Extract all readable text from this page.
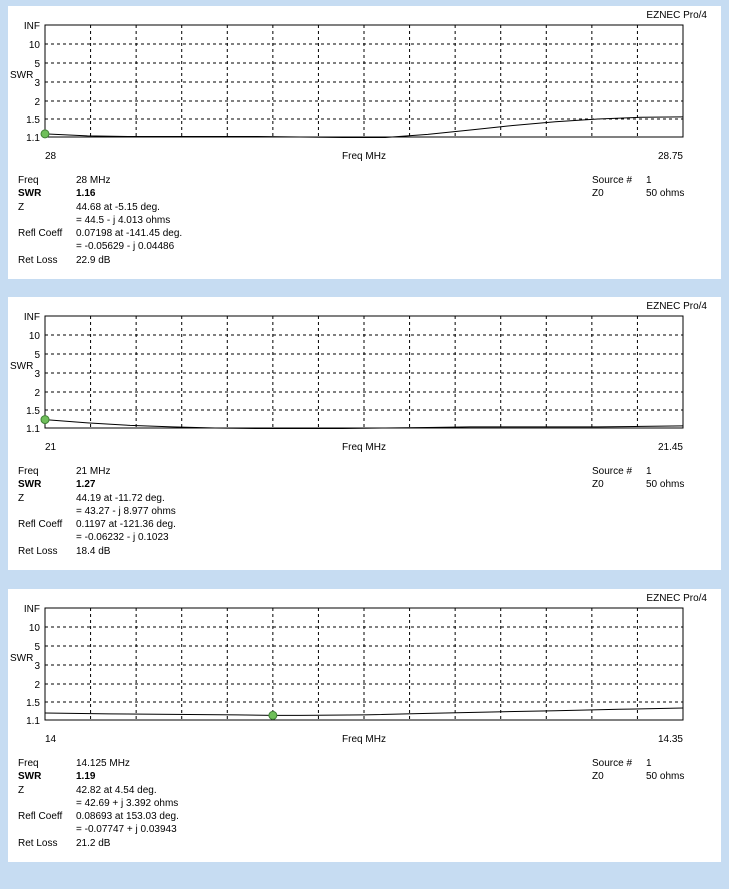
INF
10
5
3
2
1.5
1.1
SWR
28	28.75
Freq MHz
EZNEC Pro/4
Freq	28 MHz
SWR	1.16
Z	44.68 at -5.15 deg.
= 44.5 - j 4.013 ohms
Refl Coeff	0.07198 at -141.45 deg.
= -0.05629 - j 0.04486
Ret Loss	22.9 dB
Source #	1
Z0	50 ohms
INF
10
5
3
2
1.5
1.1
SWR
21	21.45
Freq MHz
EZNEC Pro/4
Freq	21 MHz
SWR	1.27
Z	44.19 at -11.72 deg.
= 43.27 - j 8.977 ohms
Refl Coeff	0.1197 at -121.36 deg.
= -0.06232 - j 0.1023
Ret Loss	18.4 dB
Source #	1
Z0	50 ohms
INF
10
5
3
2
1.5
1.1
SWR
14	14.35
Freq MHz
EZNEC Pro/4
Freq	14.125 MHz
SWR	1.19
Z	42.82 at 4.54 deg.
= 42.69 + j 3.392 ohms
Refl Coeff	0.08693 at 153.03 deg.
= -0.07747 + j 0.03943
Ret Loss	21.2 dB
Source #	1
Z0	50 ohms
